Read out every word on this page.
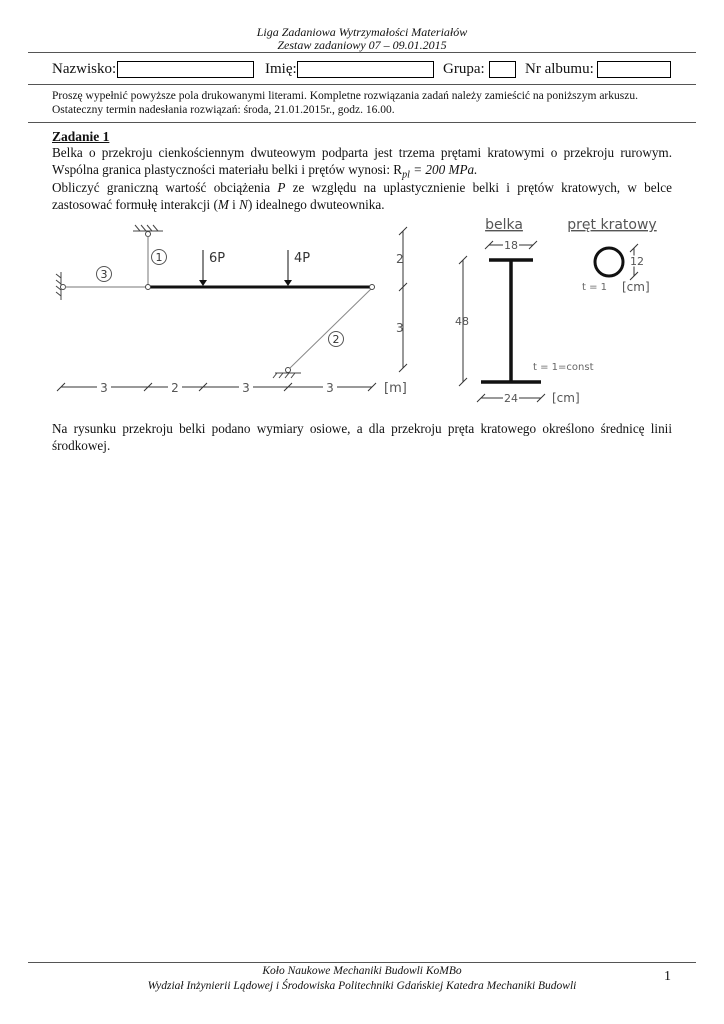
Liga Zadaniowa Wytrzymałości Materiałów
Zestaw zadaniowy 07 – 09.01.2015
Nazwisko:	Imię:	Grupa:	Nr albumu:
Proszę wypełnić powyższe pola drukowanymi literami. Kompletne rozwiązania zadań należy zamieścić na poniższym arkuszu.
Ostateczny termin nadesłania rozwiązań: środa, 21.01.2015r., godz. 16.00.
Zadanie 1
Belka o przekroju cienkościennym dwuteowym podparta jest trzema prętami kratowymi o przekroju rurowym. Wspólna granica plastyczności materiału belki i prętów wynosi: $R_{pl} = 200$ MPa.
Obliczyć graniczną wartość obciążenia P ze względu na uplastycznienie belki i prętów kratowych, w belce zastosować formułę interakcji (M i N) idealnego dwuteownika.
6P	4P
1
3
2
2
3
3	2	3	3	[m]
belka
18
48
t = 1=const
24	[cm]
pręt kratowy
12
t = 1 [cm]
Na rysunku przekroju belki podano wymiary osiowe, a dla przekroju pręta kratowego określono średnicę linii środkowej.
Koło Naukowe Mechaniki Budowli KoMBo
Wydział Inżynierii Lądowej i Środowiska Politechniki Gdańskiej Katedra Mechaniki Budowli
1
